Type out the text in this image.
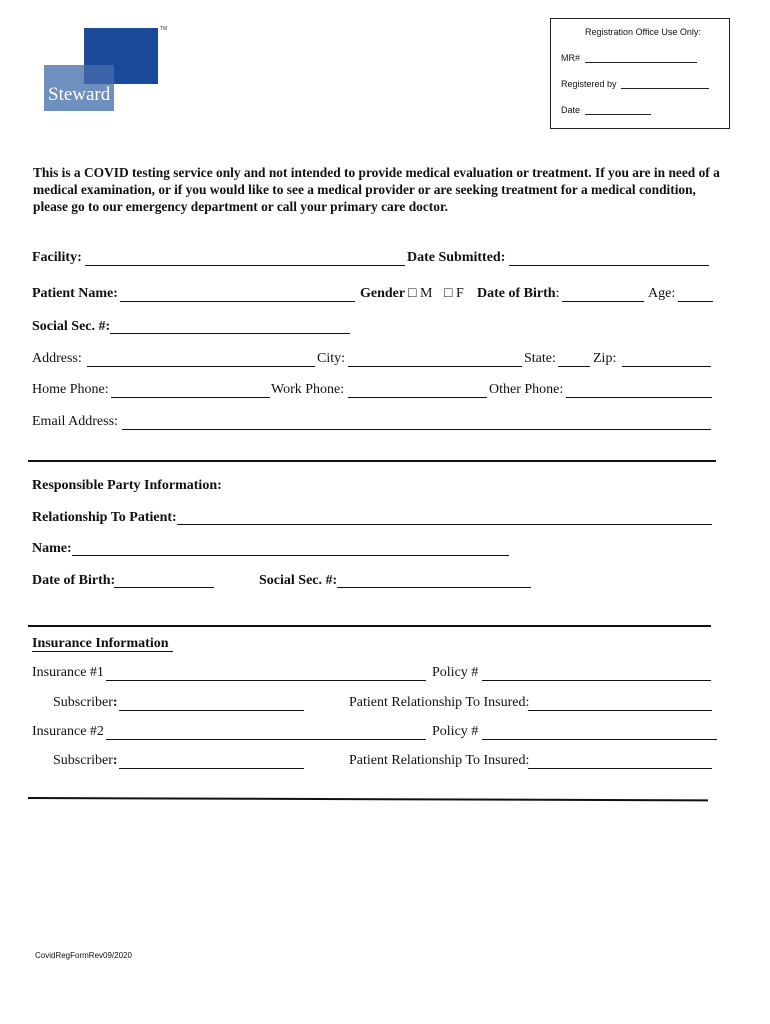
Steward
TM	Registration Office Use Only:
MR#
Registered by
Date
This is a COVID testing service only and not intended to provide medical evaluation or treatment. If you are in need of a medical examination, or if you would like to see a medical provider or are seeking treatment for a medical condition, please go to our emergency department or call your primary care doctor.
Facility:	Date Submitted:
Patient Name:	Gender □ M □ F Date of Birth:	Age:
Social Sec. #:
Address:	City:	State:	Zip:
Home Phone:	Work Phone:	Other Phone:
Email Address:
Responsible Party Information:
Relationship To Patient:
Name:
Date of Birth:	Social Sec. #:
Insurance Information
Insurance #1	Policy #
Subscriber:	Patient Relationship To Insured:
Insurance #2	Policy #
Subscriber:	Patient Relationship To Insured:
CovidRegFormRev09/2020
